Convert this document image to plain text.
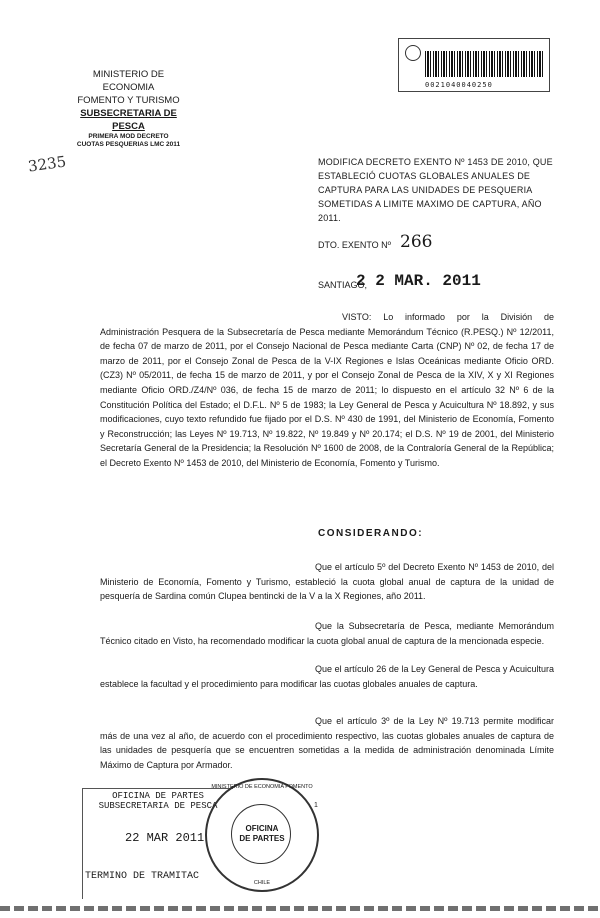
MINISTERIO DE ECONOMIA
FOMENTO Y TURISMO
SUBSECRETARIA DE PESCA
PRIMERA MOD DECRETO
CUOTAS PESQUERIAS LMC 2011
3235
0021040040250
MODIFICA DECRETO EXENTO Nº 1453 DE 2010, QUE ESTABLECIÓ CUOTAS GLOBALES ANUALES DE CAPTURA PARA LAS UNIDADES DE PESQUERIA SOMETIDAS A LIMITE MAXIMO DE CAPTURA, AÑO 2011.
DTO. EXENTO Nº 266
SANTIAGO,
2 2 MAR. 2011
VISTO: Lo informado por la División de Administración Pesquera de la Subsecretaría de Pesca mediante Memorándum Técnico (R.PESQ.) Nº 12/2011, de fecha 07 de marzo de 2011, por el Consejo Nacional de Pesca mediante Carta (CNP) Nº 02, de fecha 17 de marzo de 2011, por el Consejo Zonal de Pesca de la V-IX Regiones e Islas Oceánicas mediante Oficio ORD. (CZ3) Nº 05/2011, de fecha 15 de marzo de 2011, y por el Consejo Zonal de Pesca de la XIV, X y XI Regiones mediante Oficio ORD./Z4/Nº 036, de fecha 15 de marzo de 2011; lo dispuesto en el artículo 32 Nº 6 de la Constitución Política del Estado; el D.F.L. Nº 5 de 1983; la Ley General de Pesca y Acuicultura Nº 18.892, y sus modificaciones, cuyo texto refundido fue fijado por el D.S. Nº 430 de 1991, del Ministerio de Economía, Fomento y Reconstrucción; las Leyes Nº 19.713, Nº 19.822, Nº 19.849 y Nº 20.174; el D.S. Nº 19 de 2001, del Ministerio Secretaría General de la Presidencia; la Resolución Nº 1600 de 2008, de la Contraloría General de la República; el Decreto Exento Nº 1453 de 2010, del Ministerio de Economía, Fomento y Turismo.
CONSIDERANDO:
Que el artículo 5º del Decreto Exento Nº 1453 de 2010, del Ministerio de Economía, Fomento y Turismo, estableció la cuota global anual de captura de la unidad de pesquería de Sardina común Clupea bentincki de la V a la X Regiones, año 2011.
Que la Subsecretaría de Pesca, mediante Memorándum Técnico citado en Visto, ha recomendado modificar la cuota global anual de captura de la mencionada especie.
Que el artículo 26 de la Ley General de Pesca y Acuicultura establece la facultad y el procedimiento para modificar las cuotas globales anuales de captura.
Que el artículo 3º de la Ley Nº 19.713 permite modificar más de una vez al año, de acuerdo con el procedimiento respectivo, las cuotas globales anuales de captura de las unidades de pesquería que se encuentren sometidas a la medida de administración denominada Límite Máximo de Captura por Armador.
OFICINA DE PARTES
SUBSECRETARIA DE PESCA
22 MAR 2011
TERMINO DE TRAMITAC
MINISTERIO DE ECONOMIA FOMENTO
OFICINA
DE PARTES
CHILE
1
